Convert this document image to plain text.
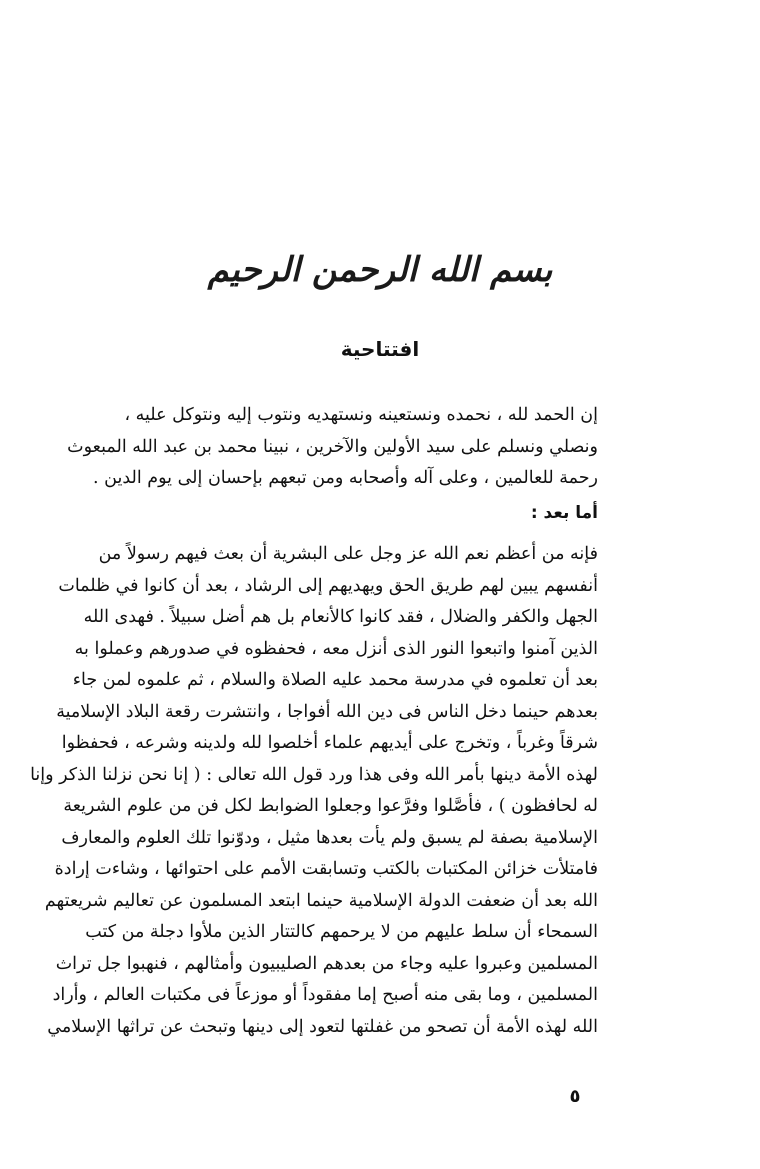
بسم الله الرحمن الرحيم
افتتاحية
إن الحمد لله ، نحمده ونستعينه ونستهديه ونتوب إليه ونتوكل عليه ،
ونصلي ونسلم على سيد الأولين والآخرين ، نبينا محمد بن عبد الله المبعوث
رحمة للعالمين ، وعلى آله وأصحابه ومن تبعهم بإحسان إلى يوم الدين .
أما بعد :
فإنه من أعظم نعم الله عز وجل على البشرية أن بعث فيهم رسولاً من
أنفسهم يبين لهم طريق الحق ويهديهم إلى الرشاد ، بعد أن كانوا في ظلمات
الجهل والكفر والضلال ، فقد كانوا كالأنعام بل هم أضل سبيلاً . فهدى الله
الذين آمنوا واتبعوا النور الذى أنزل معه ، فحفظوه في صدورهم وعملوا به
بعد أن تعلموه في مدرسة محمد عليه الصلاة والسلام ، ثم علموه لمن جاء
بعدهم حينما دخل الناس فى دين الله أفواجا ، وانتشرت رقعة البلاد الإسلامية
شرقاً وغرباً ، وتخرج على أيديهم علماء أخلصوا لله ولدينه وشرعه ، فحفظوا
لهذه الأمة دينها بأمر الله وفى هذا ورد قول الله تعالى : ( إنا نحن نزلنا الذكر وإنا
له لحافظون ) ، فأصَّلوا وفرَّعوا وجعلوا الضوابط لكل فن من علوم الشريعة
الإسلامية بصفة لم يسبق ولم يأت بعدها مثيل ، ودوّنوا تلك العلوم والمعارف
فامتلأت خزائن المكتبات بالكتب وتسابقت الأمم على احتوائها ، وشاءت إرادة
الله بعد أن ضعفت الدولة الإسلامية حينما ابتعد المسلمون عن تعاليم شريعتهم
السمحاء أن سلط عليهم من لا يرحمهم كالتتار الذين ملأوا دجلة من كتب
المسلمين وعبروا عليه وجاء من بعدهم الصليبيون وأمثالهم ، فنهبوا جل تراث
المسلمين ، وما بقى منه أصبح إما مفقوداً أو موزعاً فى مكتبات العالم ، وأراد
الله لهذه الأمة أن تصحو من غفلتها لتعود إلى دينها وتبحث عن تراثها الإسلامي
٥
